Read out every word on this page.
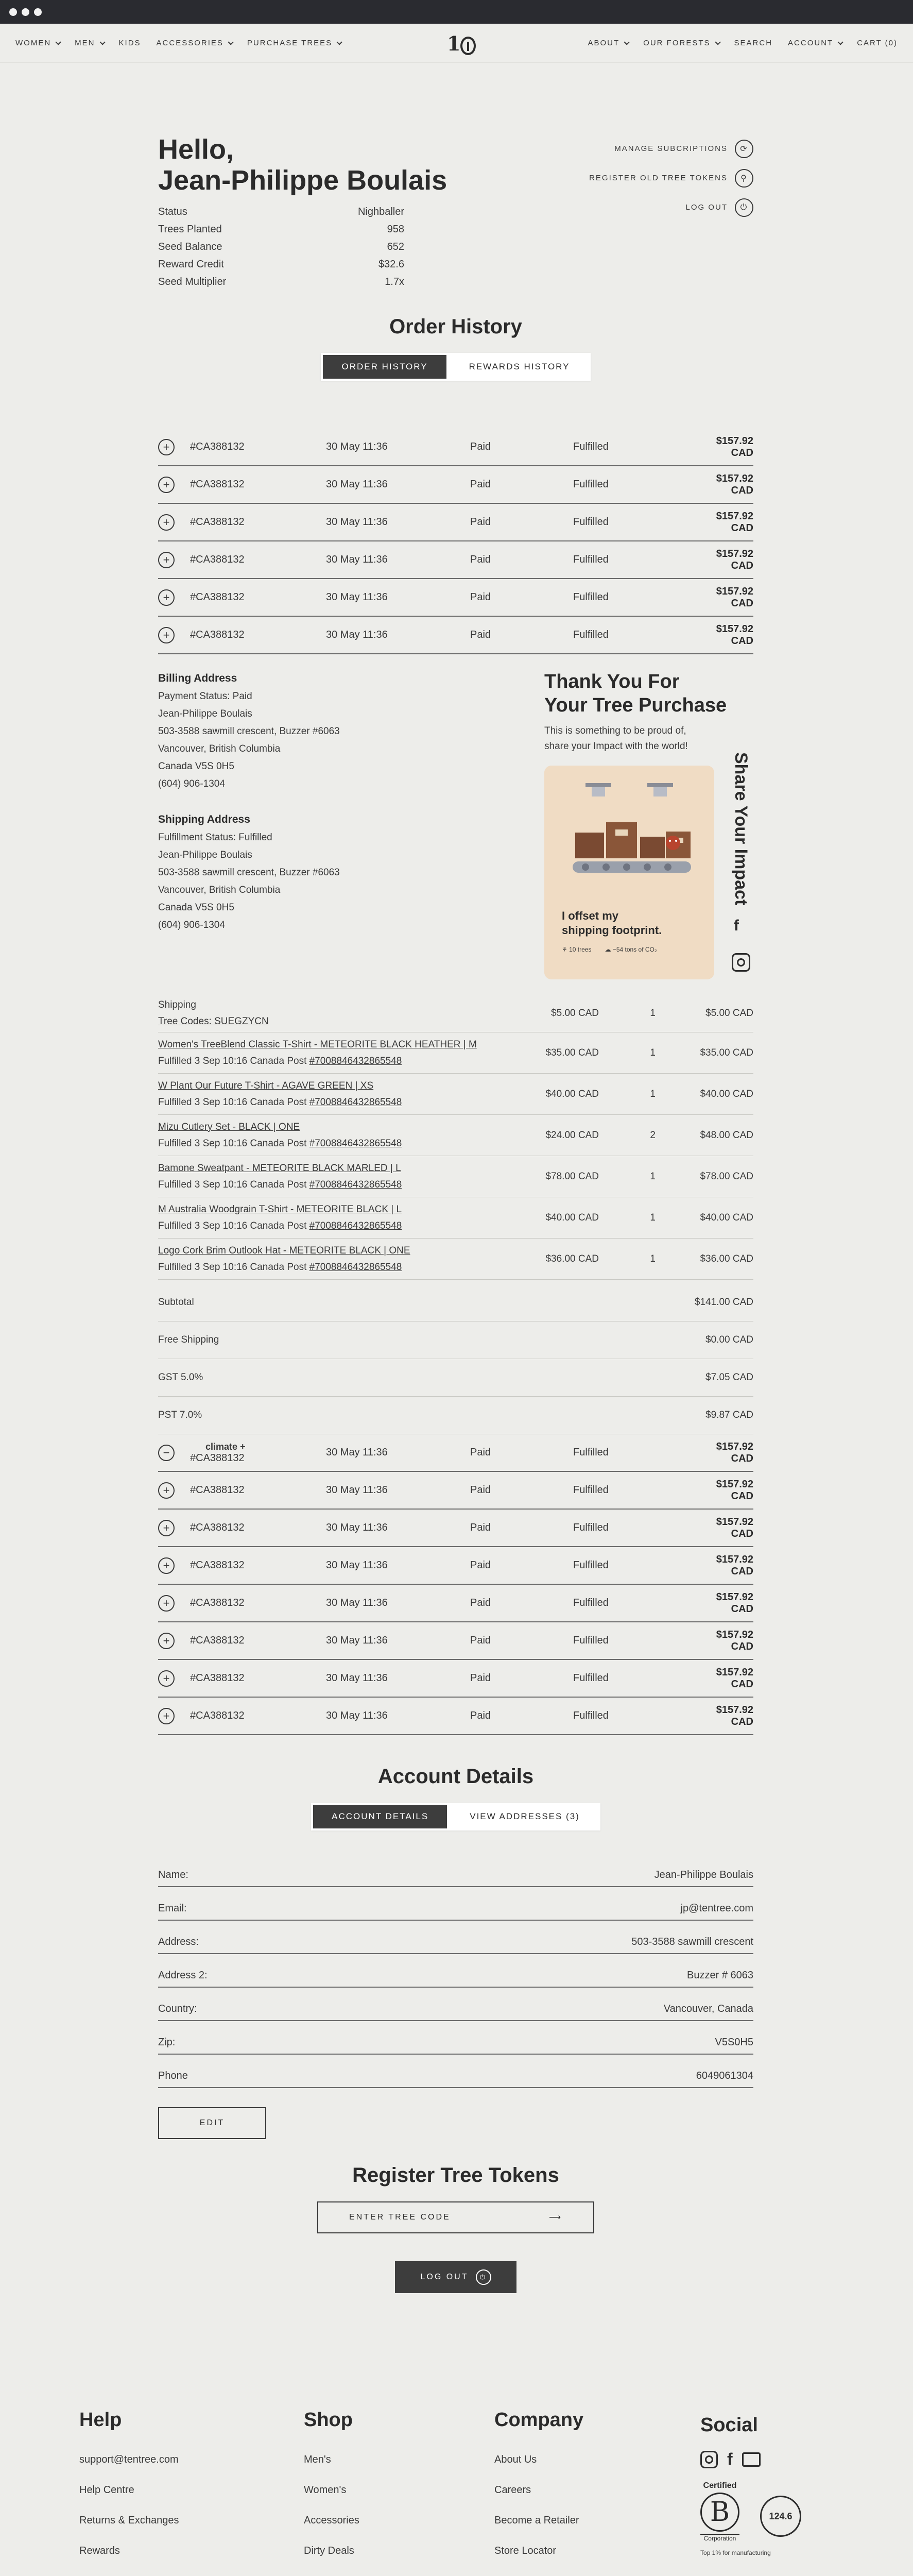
WOMEN	MEN	KIDS ACCESSORIES	PURCHASE TREES	ABOUT	OUR FORESTS	SEARCH ACCOUNT	CART (0)
1
Hello,
Jean-Philippe Boulais
Status	Nighballer
Trees Planted	958
Seed Balance	652
Reward Credit	$32.6
Seed Multiplier	1.7x
MANAGE SUBCRIPTIONS	⟳
REGISTER OLD TREE TOKENS	⚲
LOG OUT	⏻
Order History
ORDER HISTORY	REWARDS HISTORY
+	#CA388132	30 May 11:36	Paid	Fulfilled
$157.92 CAD
+	#CA388132	30 May 11:36	Paid	Fulfilled
$157.92 CAD
+	#CA388132	30 May 11:36	Paid	Fulfilled
$157.92 CAD
+	#CA388132	30 May 11:36	Paid	Fulfilled
$157.92 CAD
+	#CA388132	30 May 11:36	Paid	Fulfilled
$157.92 CAD
+	#CA388132	30 May 11:36	Paid	Fulfilled
$157.92 CAD
Billing Address
Payment Status: Paid
Jean-Philippe Boulais
503-3588 sawmill crescent, Buzzer #6063
Vancouver, British Columbia
Canada V5S 0H5
(604) 906-1304
Shipping Address
Fulfillment Status: Fulfilled
Jean-Philippe Boulais
503-3588 sawmill crescent, Buzzer #6063
Vancouver, British Columbia
Canada V5S 0H5
(604) 906-1304
Thank You For
Your Tree Purchase

This is something to be proud of,
share your Impact with the world!

I offset my
shipping footprint.
⚘ 10 trees ☁ ~54 tons of CO₂
Share Your Impact
f
Shipping
Tree Codes: SUEGZYCN
$5.00 CAD	1	$5.00 CAD
Women's TreeBlend Classic T-Shirt - METEORITE BLACK HEATHER | M
Fulfilled 3 Sep 10:16 Canada Post #7008846432865548
$35.00 CAD	1	$35.00 CAD
W Plant Our Future T-Shirt - AGAVE GREEN | XS
Fulfilled 3 Sep 10:16 Canada Post #7008846432865548
$40.00 CAD	1	$40.00 CAD
Mizu Cutlery Set - BLACK | ONE
Fulfilled 3 Sep 10:16 Canada Post #7008846432865548
$24.00 CAD	2	$48.00 CAD
Bamone Sweatpant - METEORITE BLACK MARLED | L
Fulfilled 3 Sep 10:16 Canada Post #7008846432865548
$78.00 CAD	1	$78.00 CAD
M Australia Woodgrain T-Shirt - METEORITE BLACK | L
Fulfilled 3 Sep 10:16 Canada Post #7008846432865548
$40.00 CAD	1	$40.00 CAD
Logo Cork Brim Outlook Hat - METEORITE BLACK | ONE
Fulfilled 3 Sep 10:16 Canada Post #7008846432865548
$36.00 CAD	1	$36.00 CAD
Subtotal	$141.00 CAD
Free Shipping	$0.00 CAD
GST 5.0%	$7.05 CAD
PST 7.0%	$9.87 CAD
−	climate +
#CA388132	30 May 11:36	Paid	Fulfilled
$157.92 CAD
+	#CA388132	30 May 11:36	Paid	Fulfilled
$157.92 CAD
+	#CA388132	30 May 11:36	Paid	Fulfilled
$157.92 CAD
+	#CA388132	30 May 11:36	Paid	Fulfilled
$157.92 CAD
+	#CA388132	30 May 11:36	Paid	Fulfilled
$157.92 CAD
+	#CA388132	30 May 11:36	Paid	Fulfilled
$157.92 CAD
+	#CA388132	30 May 11:36	Paid	Fulfilled
$157.92 CAD
+	#CA388132	30 May 11:36	Paid	Fulfilled
$157.92 CAD
Account Details
ACCOUNT DETAILS	VIEW ADDRESSES (3)
Name:	Jean-Philippe Boulais
Email:	jp@tentree.com
Address:	503-3588 sawmill crescent
Address 2:	Buzzer # 6063
Country:	Vancouver, Canada
Zip:	V5S0H5
Phone	6049061304
EDIT
Register Tree Tokens
ENTER TREE CODE	⟶
LOG OUT	⏻
Help
support@tentree.com
Help Centre
Returns & Exchanges
Rewards
Shop
Men's
Women's
Accessories
Dirty Deals
Company
About Us
Careers
Become a Retailer
Store Locator
Social
f
Certified
B
Corporation
124.6
Top 1% for manufacturing
